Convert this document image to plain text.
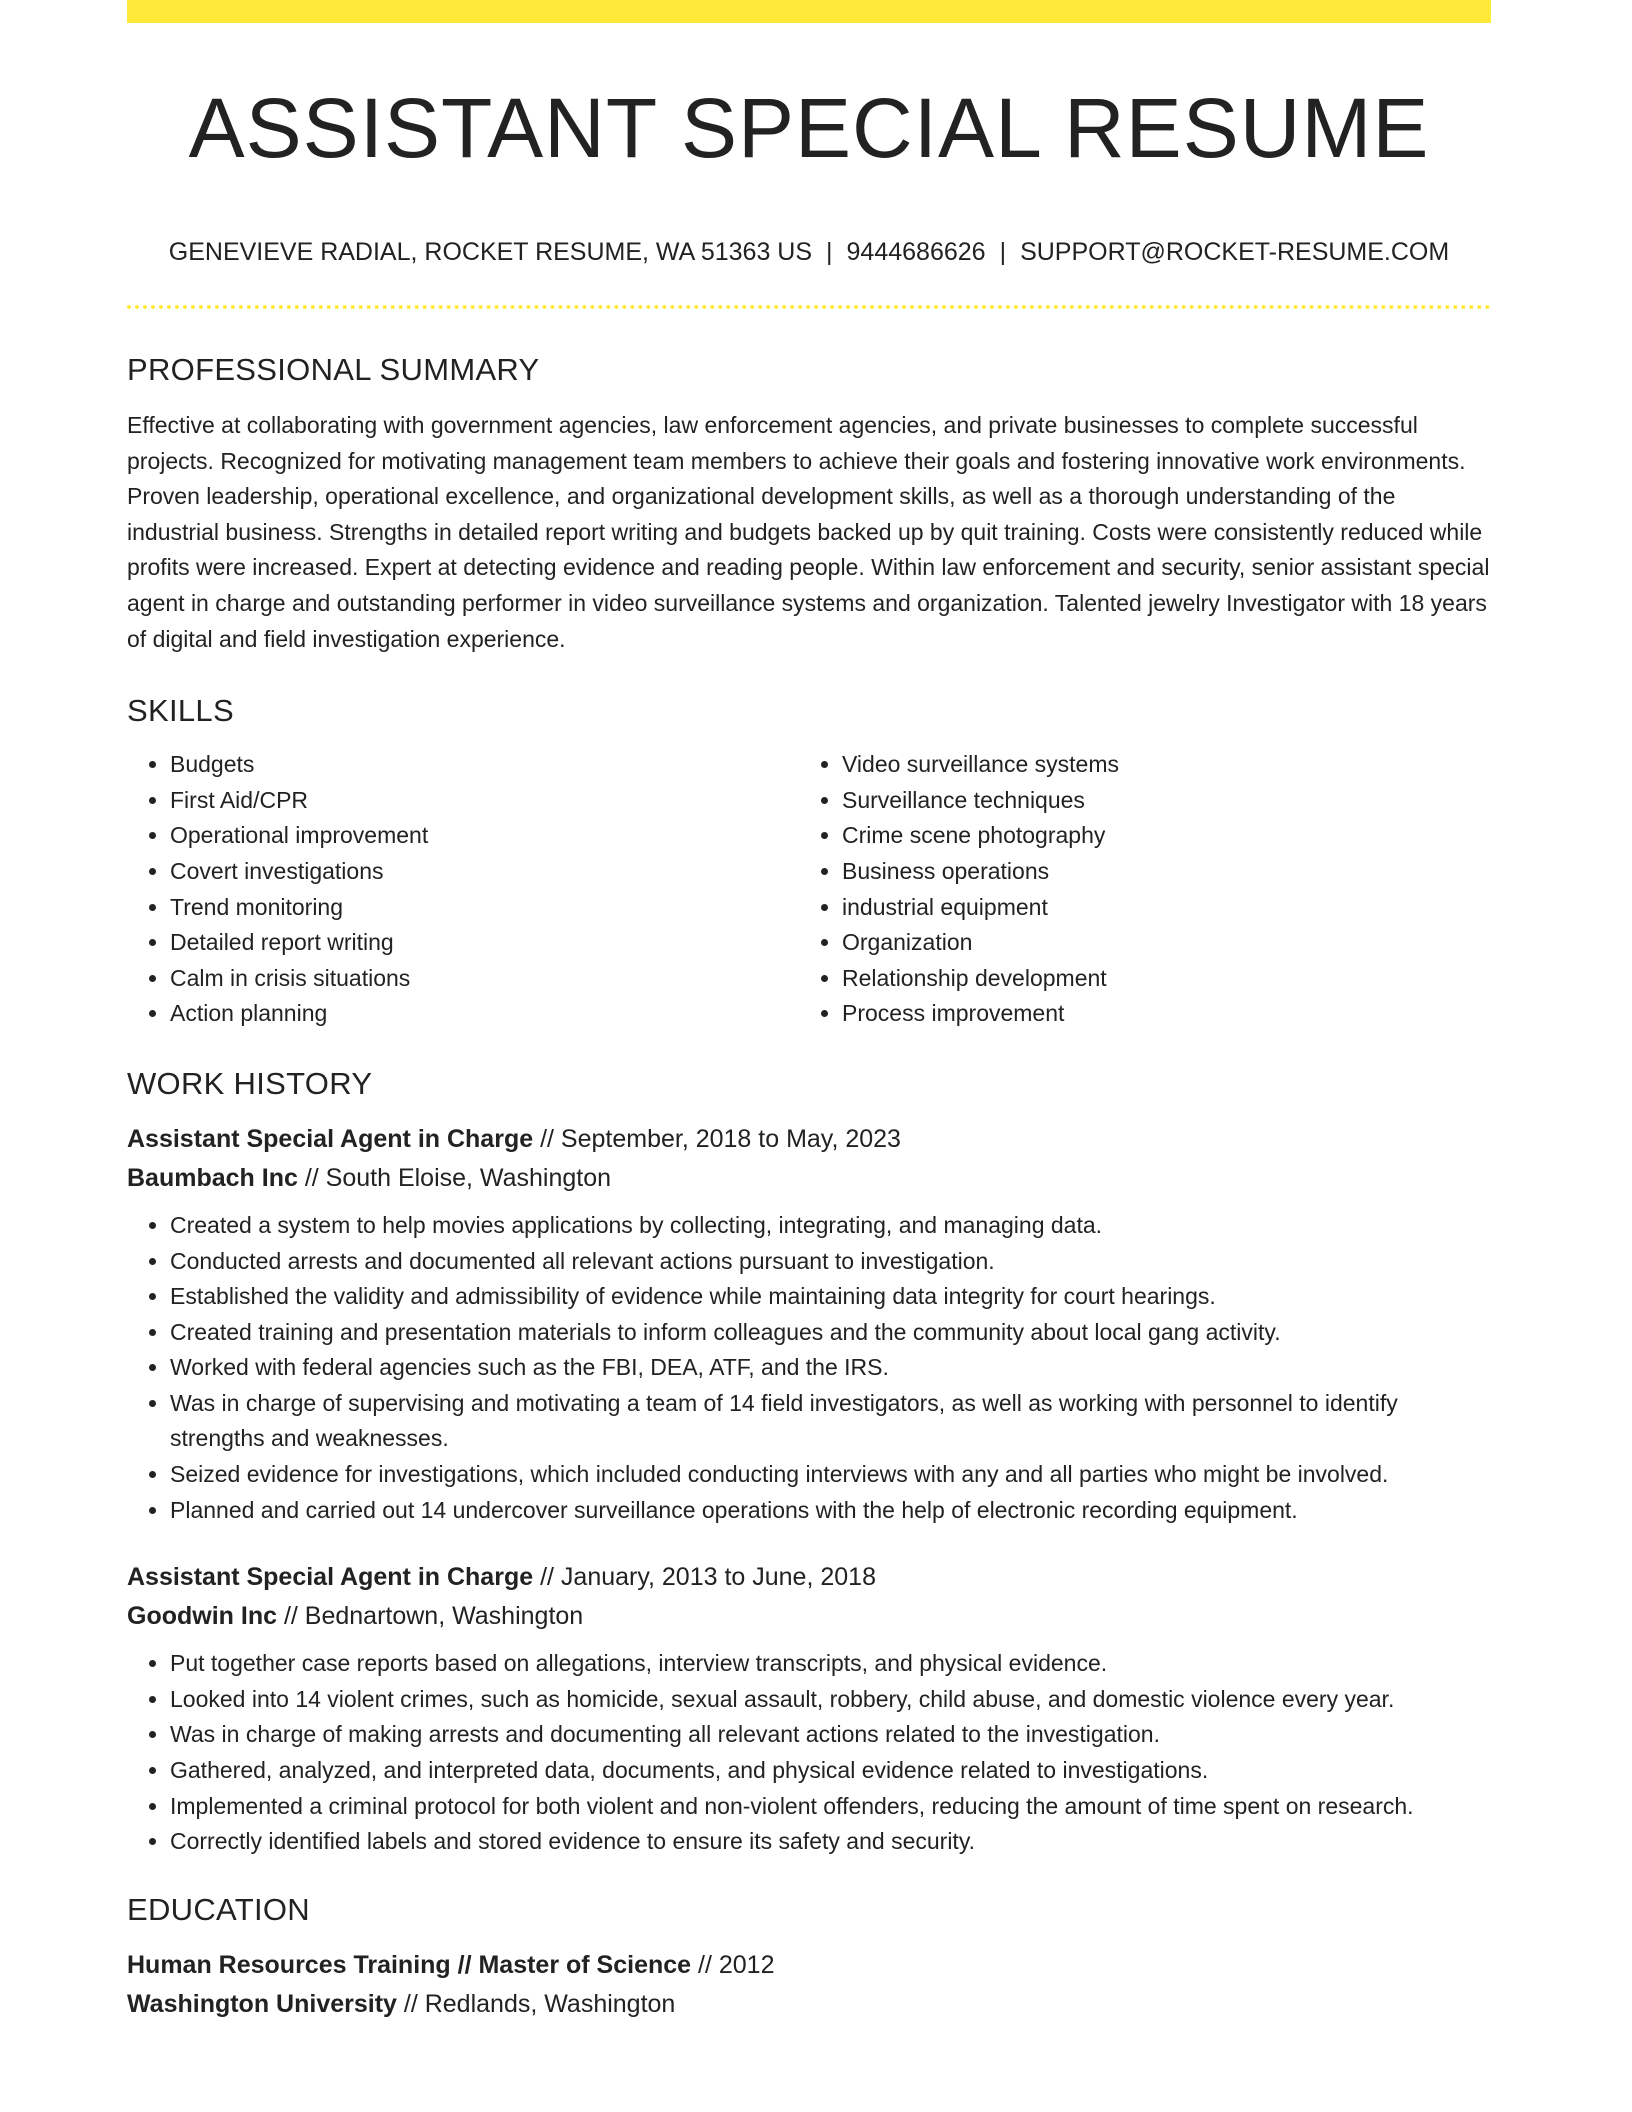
ASSISTANT SPECIAL RESUME
GENEVIEVE RADIAL, ROCKET RESUME, WA 51363 US | 9444686626 | SUPPORT@ROCKET-RESUME.COM
PROFESSIONAL SUMMARY

Effective at collaborating with government agencies, law enforcement agencies, and private businesses to complete successful projects. Recognized for motivating management team members to achieve their goals and fostering innovative work environments. Proven leadership, operational excellence, and organizational development skills, as well as a thorough understanding of the industrial business. Strengths in detailed report writing and budgets backed up by quit training. Costs were consistently reduced while profits were increased. Expert at detecting evidence and reading people. Within law enforcement and security, senior assistant special agent in charge and outstanding performer in video surveillance systems and organization. Talented jewelry Investigator with 18 years of digital and field investigation experience.

SKILLS
• Budgets
• First Aid/CPR
• Operational improvement
• Covert investigations
• Trend monitoring
• Detailed report writing
• Calm in crisis situations
• Action planning
• Video surveillance systems
• Surveillance techniques
• Crime scene photography
• Business operations
• industrial equipment
• Organization
• Relationship development
• Process improvement
WORK HISTORY
Assistant Special Agent in Charge // September, 2018 to May, 2023
Baumbach Inc // South Eloise, Washington
• Created a system to help movies applications by collecting, integrating, and managing data.
• Conducted arrests and documented all relevant actions pursuant to investigation.
• Established the validity and admissibility of evidence while maintaining data integrity for court hearings.
• Created training and presentation materials to inform colleagues and the community about local gang activity.
• Worked with federal agencies such as the FBI, DEA, ATF, and the IRS.
• Was in charge of supervising and motivating a team of 14 field investigators, as well as working with personnel to identify strengths and weaknesses.
• Seized evidence for investigations, which included conducting interviews with any and all parties who might be involved.
• Planned and carried out 14 undercover surveillance operations with the help of electronic recording equipment.
Assistant Special Agent in Charge // January, 2013 to June, 2018
Goodwin Inc // Bednartown, Washington
• Put together case reports based on allegations, interview transcripts, and physical evidence.
• Looked into 14 violent crimes, such as homicide, sexual assault, robbery, child abuse, and domestic violence every year.
• Was in charge of making arrests and documenting all relevant actions related to the investigation.
• Gathered, analyzed, and interpreted data, documents, and physical evidence related to investigations.
• Implemented a criminal protocol for both violent and non-violent offenders, reducing the amount of time spent on research.
• Correctly identified labels and stored evidence to ensure its safety and security.
EDUCATION
Human Resources Training // Master of Science // 2012
Washington University // Redlands, Washington
